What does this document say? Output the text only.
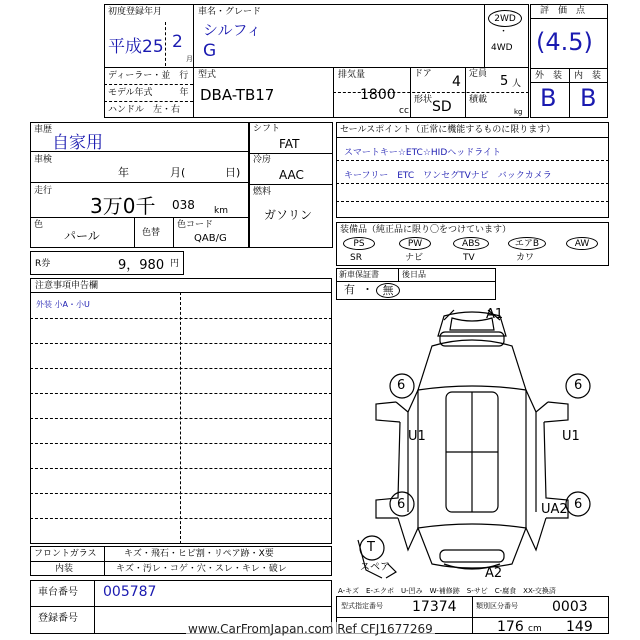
初度登録年月
平成25 2
月
車名・グレード
シルフィ
G
2WD
・
4WD
ディーラー・並　行
モデル年式　　　年
ハンドル　左・右
型式
DBA-TB17
排気量
1800
cc
ドア 4
形状 SD
定員 5 人
積載
kg
評　価　点
(4.5)
外　装 内　装
B B
車歴
自家用
車検
年	月(	日)
走行
3万0千 038 km
色
パール	色替
色コード
QAB/G
シフト
FAT
冷房
AAC
燃料
ガソリン
R券	9，980 円
セールスポイント（正常に機能するものに限ります）
スマートキー☆ETC☆HIDヘッドライト
キーフリー　ETC　ワンセグTVナビ　バックカメラ
装備品（純正品に限り〇をつけています）
PS	PW	ABS	エアB	AW
SR	ナビ	TV	カワ
新車保証書	後日品
有 ・ 無
注意事項申告欄
外装 小A・小U
A1
6	6
U1	U1
6	6
UA2
A2
T
スペア
フロントガラス	キズ・飛石・ヒビ割・リペア跡・X要
内装	キズ・汚レ・コゲ・穴・スレ・キレ・破レ
車台番号 005787
登録番号
A-キズ　E-エクボ　U-凹み　W-補修跡　S-サビ　C-腐食　XX-交換済
型式指定番号 17374	類別区分番号 0003
176 cm 149
www.CarFromJapan.com Ref CFJ1677269
